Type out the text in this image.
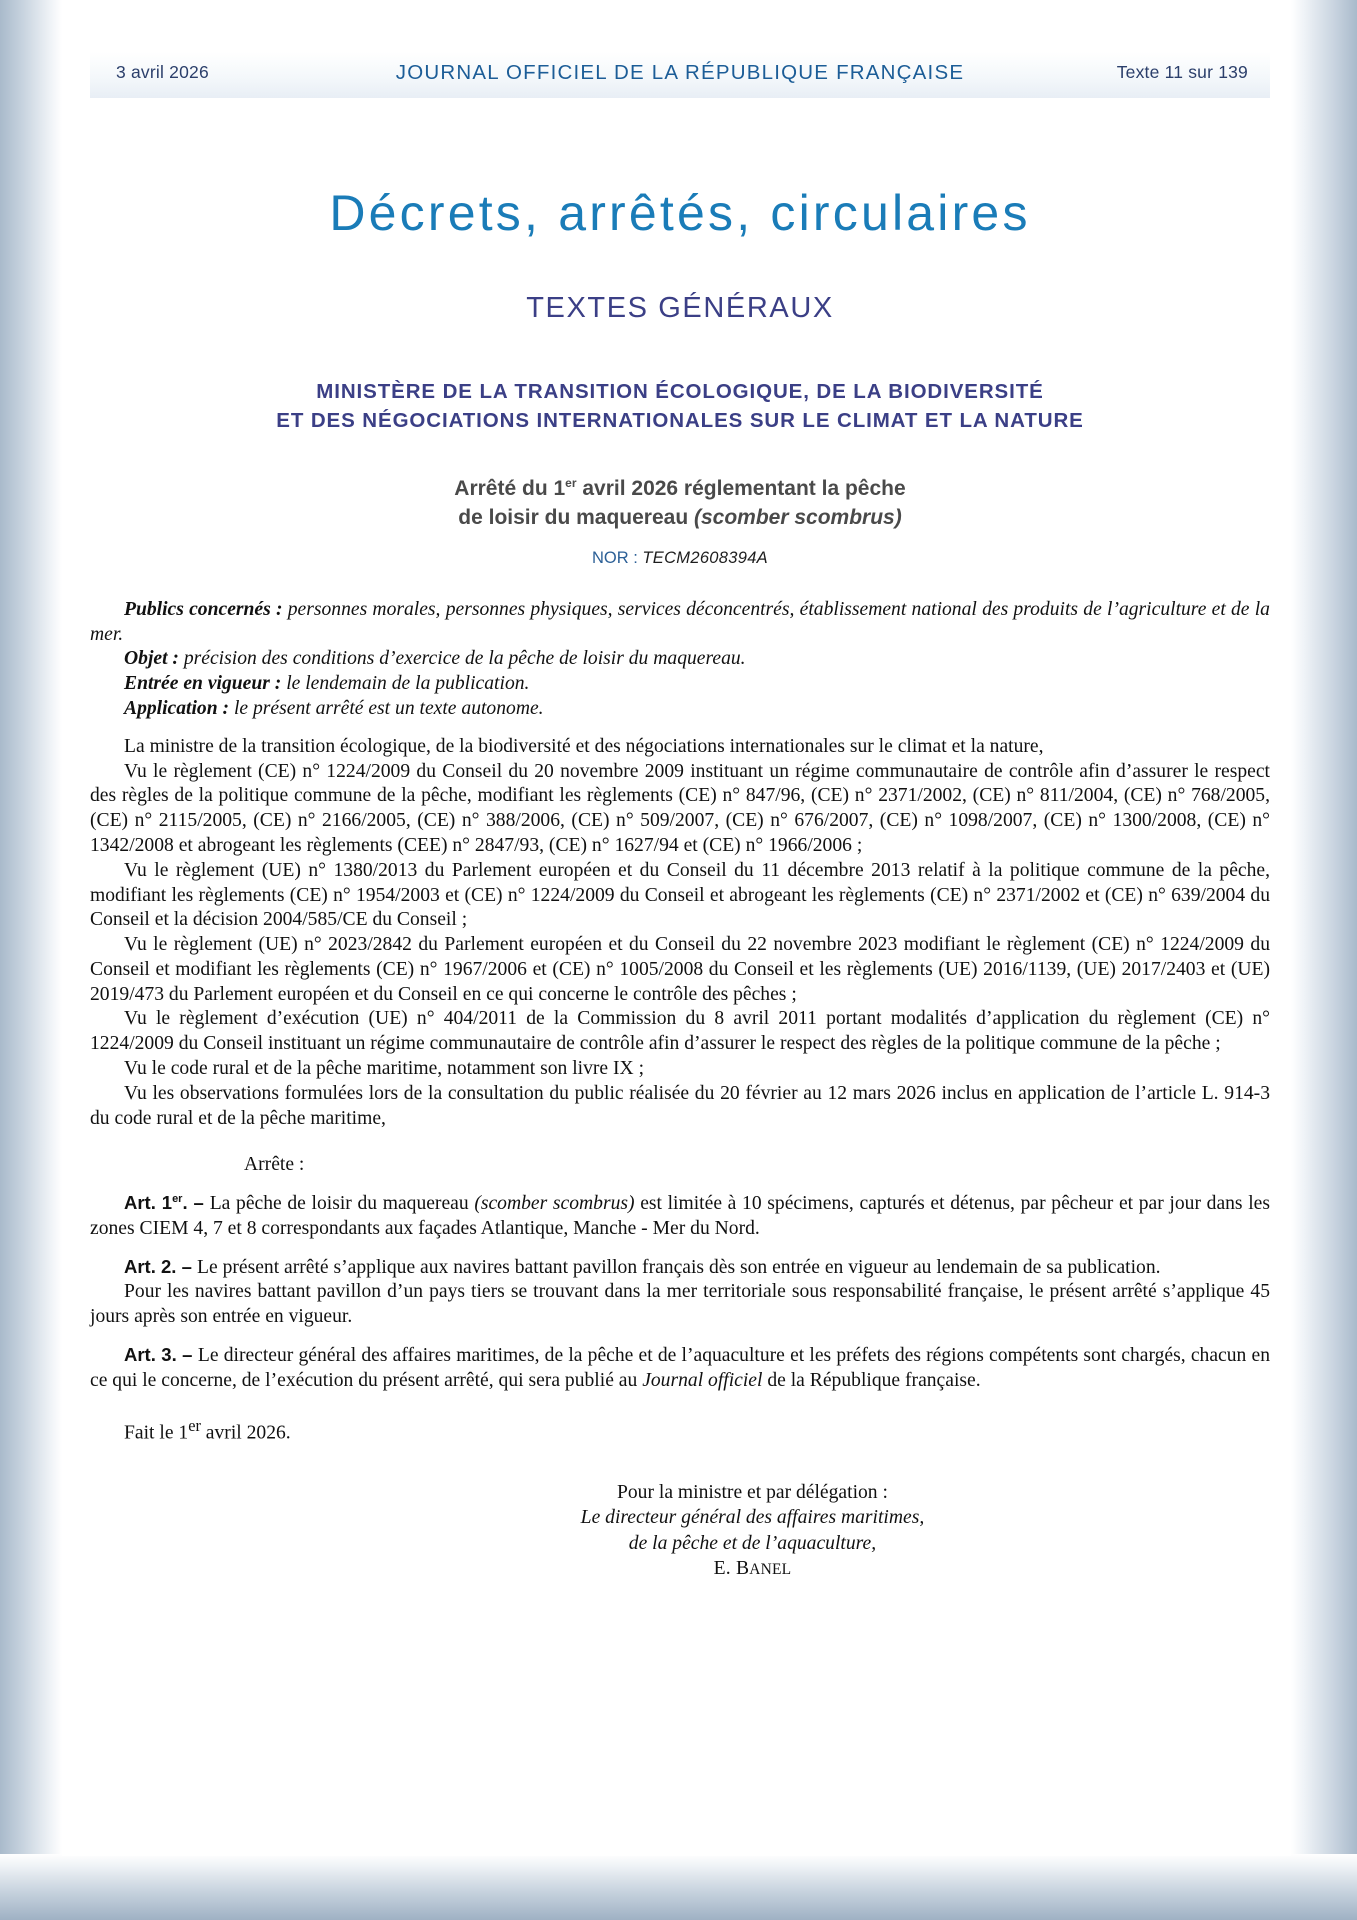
3 avril 2026	JOURNAL OFFICIEL DE LA RÉPUBLIQUE FRANÇAISE	Texte 11 sur 139
Décrets, arrêtés, circulaires
TEXTES GÉNÉRAUX
MINISTÈRE DE LA TRANSITION ÉCOLOGIQUE, DE LA BIODIVERSITÉ
ET DES NÉGOCIATIONS INTERNATIONALES SUR LE CLIMAT ET LA NATURE
Arrêté du 1er avril 2026 réglementant la pêche
de loisir du maquereau (scomber scombrus)
NOR : TECM2608394A

Publics concernés : personnes morales, personnes physiques, services déconcentrés, établissement national des produits de l’agriculture et de la mer.

Objet : précision des conditions d’exercice de la pêche de loisir du maquereau.

Entrée en vigueur : le lendemain de la publication.

Application : le présent arrêté est un texte autonome.

La ministre de la transition écologique, de la biodiversité et des négociations internationales sur le climat et la nature,

Vu le règlement (CE) n° 1224/2009 du Conseil du 20 novembre 2009 instituant un régime communautaire de contrôle afin d’assurer le respect des règles de la politique commune de la pêche, modifiant les règlements (CE) n° 847/96, (CE) n° 2371/2002, (CE) n° 811/2004, (CE) n° 768/2005, (CE) n° 2115/2005, (CE) n° 2166/2005, (CE) n° 388/2006, (CE) n° 509/2007, (CE) n° 676/2007, (CE) n° 1098/2007, (CE) n° 1300/2008, (CE) n° 1342/2008 et abrogeant les règlements (CEE) n° 2847/93, (CE) n° 1627/94 et (CE) n° 1966/2006 ;

Vu le règlement (UE) n° 1380/2013 du Parlement européen et du Conseil du 11 décembre 2013 relatif à la politique commune de la pêche, modifiant les règlements (CE) n° 1954/2003 et (CE) n° 1224/2009 du Conseil et abrogeant les règlements (CE) n° 2371/2002 et (CE) n° 639/2004 du Conseil et la décision 2004/585/CE du Conseil ;

Vu le règlement (UE) n° 2023/2842 du Parlement européen et du Conseil du 22 novembre 2023 modifiant le règlement (CE) n° 1224/2009 du Conseil et modifiant les règlements (CE) n° 1967/2006 et (CE) n° 1005/2008 du Conseil et les règlements (UE) 2016/1139, (UE) 2017/2403 et (UE) 2019/473 du Parlement européen et du Conseil en ce qui concerne le contrôle des pêches ;

Vu le règlement d’exécution (UE) n° 404/2011 de la Commission du 8 avril 2011 portant modalités d’application du règlement (CE) n° 1224/2009 du Conseil instituant un régime communautaire de contrôle afin d’assurer le respect des règles de la politique commune de la pêche ;

Vu le code rural et de la pêche maritime, notamment son livre IX ;

Vu les observations formulées lors de la consultation du public réalisée du 20 février au 12 mars 2026 inclus en application de l’article L. 914-3 du code rural et de la pêche maritime,

Arrête :

Art. 1er. – La pêche de loisir du maquereau (scomber scombrus) est limitée à 10 spécimens, capturés et détenus, par pêcheur et par jour dans les zones CIEM 4, 7 et 8 correspondants aux façades Atlantique, Manche - Mer du Nord.

Art. 2. – Le présent arrêté s’applique aux navires battant pavillon français dès son entrée en vigueur au lendemain de sa publication.

Pour les navires battant pavillon d’un pays tiers se trouvant dans la mer territoriale sous responsabilité française, le présent arrêté s’applique 45 jours après son entrée en vigueur.

Art. 3. – Le directeur général des affaires maritimes, de la pêche et de l’aquaculture et les préfets des régions compétents sont chargés, chacun en ce qui le concerne, de l’exécution du présent arrêté, qui sera publié au Journal officiel de la République française.

Fait le 1er avril 2026.

Pour la ministre et par délégation :
Le directeur général des affaires maritimes,
de la pêche et de l’aquaculture,
E. BANEL
